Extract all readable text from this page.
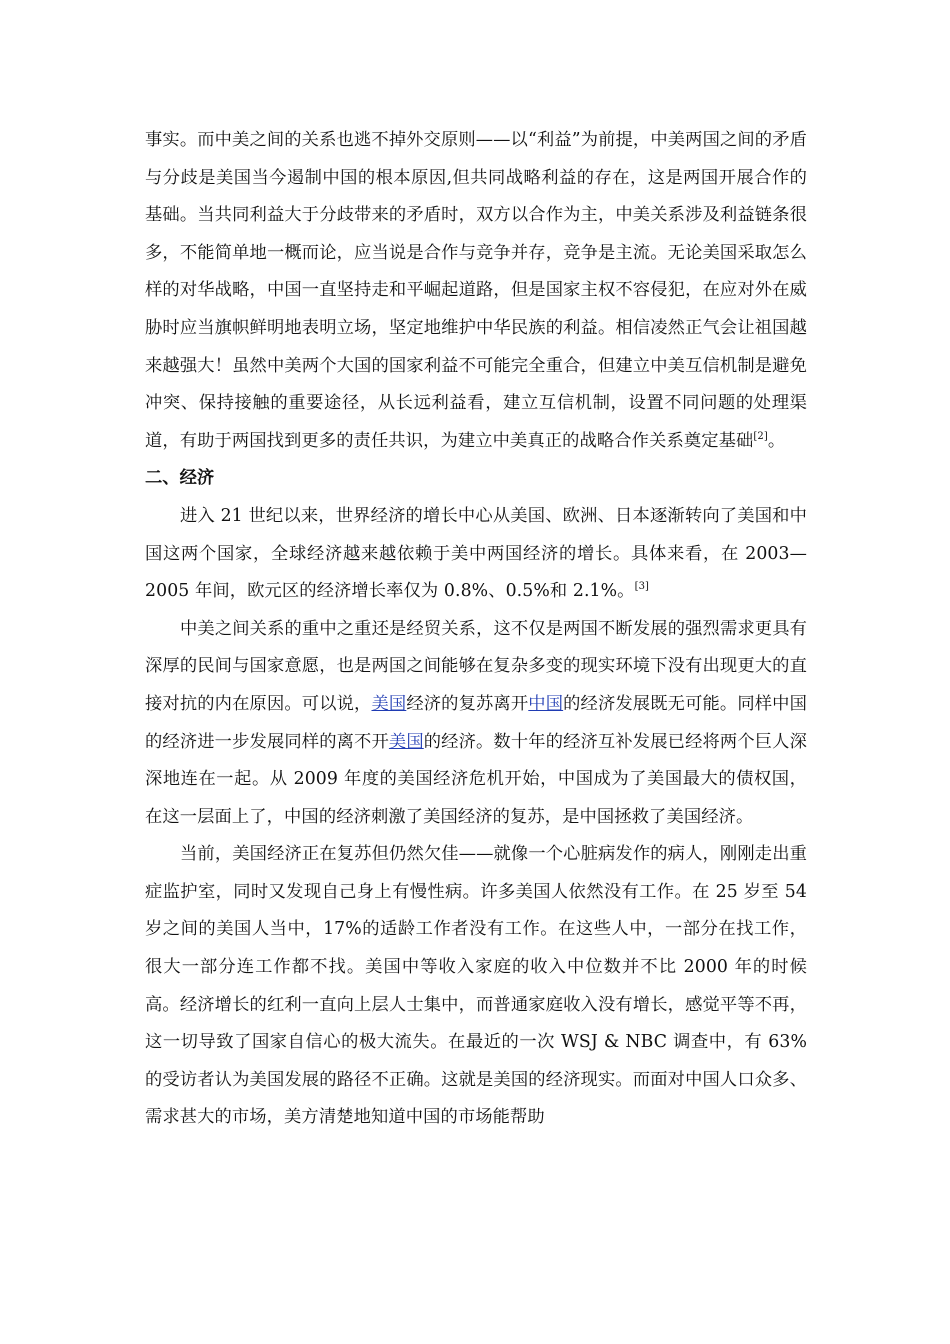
事实。而中美之间的关系也逃不掉外交原则——以“利益”为前提，中美两国之间的矛盾与分歧是美国当今遏制中国的根本原因,但共同战略利益的存在，这是两国开展合作的基础。当共同利益大于分歧带来的矛盾时，双方以合作为主，中美关系涉及利益链条很多，不能简单地一概而论，应当说是合作与竞争并存，竞争是主流。无论美国采取怎么样的对华战略，中国一直坚持走和平崛起道路，但是国家主权不容侵犯，在应对外在威胁时应当旗帜鲜明地表明立场，坚定地维护中华民族的利益。相信凌然正气会让祖国越来越强大！虽然中美两个大国的国家利益不可能完全重合，但建立中美互信机制是避免冲突、保持接触的重要途径，从长远利益看，建立互信机制，设置不同问题的处理渠道，有助于两国找到更多的责任共识，为建立中美真正的战略合作关系奠定基础[2]。

二、经济

进入 21 世纪以来，世界经济的增长中心从美国、欧洲、日本逐渐转向了美国和中国这两个国家，全球经济越来越依赖于美中两国经济的增长。具体来看，在 2003—2005 年间，欧元区的经济增长率仅为 0.8%、0.5%和 2.1%。[3]

中美之间关系的重中之重还是经贸关系，这不仅是两国不断发展的强烈需求更具有深厚的民间与国家意愿，也是两国之间能够在复杂多变的现实环境下没有出现更大的直接对抗的内在原因。可以说，美国经济的复苏离开中国的经济发展既无可能。同样中国的经济进一步发展同样的离不开美国的经济。数十年的经济互补发展已经将两个巨人深深地连在一起。从 2009 年度的美国经济危机开始，中国成为了美国最大的债权国，在这一层面上了，中国的经济刺激了美国经济的复苏，是中国拯救了美国经济。

当前，美国经济正在复苏但仍然欠佳——就像一个心脏病发作的病人，刚刚走出重症监护室，同时又发现自己身上有慢性病。许多美国人依然没有工作。在 25 岁至 54 岁之间的美国人当中，17%的适龄工作者没有工作。在这些人中，一部分在找工作，很大一部分连工作都不找。美国中等收入家庭的收入中位数并不比 2000 年的时候高。经济增长的红利一直向上层人士集中，而普通家庭收入没有增长，感觉平等不再，这一切导致了国家自信心的极大流失。在最近的一次 WSJ & NBC 调查中，有 63%的受访者认为美国发展的路径不正确。这就是美国的经济现实。而面对中国人口众多、需求甚大的市场，美方清楚地知道中国的市场能帮助
